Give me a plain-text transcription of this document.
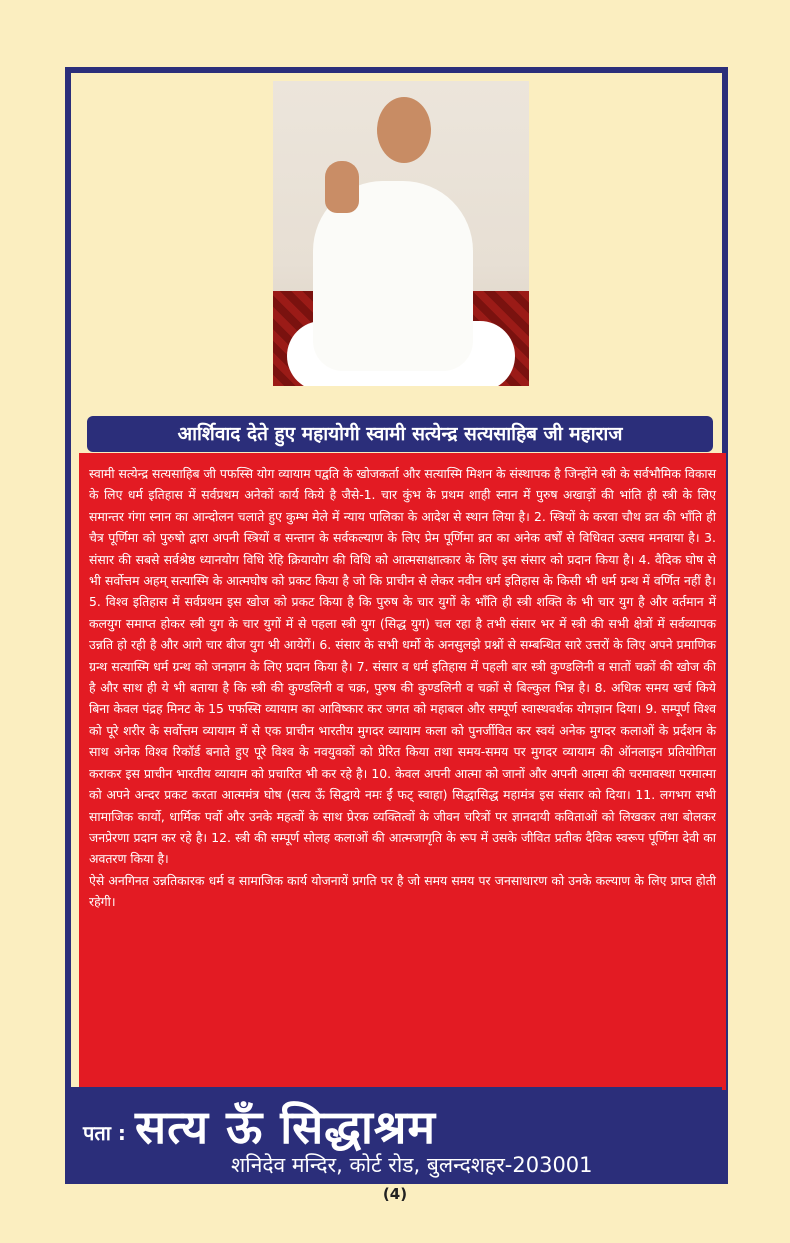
आर्शिवाद देते हुए महायोगी स्वामी सत्येन्द्र सत्यसाहिब जी महाराज

स्वामी सत्येन्द्र सत्यसाहिब जी पफस्सि योग व्यायाम पद्वति के खोजकर्ता और सत्यास्मि मिशन के संस्थापक है जिन्होंने स्त्री के सर्वभौमिक विकास के लिए धर्म इतिहास में सर्वप्रथम अनेकों कार्य किये है जैसे-1. चार कुंभ के प्रथम शाही स्नान में पुरुष अखाड़ों की भांति ही स्त्री के लिए समान्तर गंगा स्नान का आन्दोलन चलाते हुए कुम्भ मेले में न्याय पालिका के आदेश से स्थान लिया है। 2. स्त्रियों के करवा चौथ व्रत की भाँति ही चैत्र पूर्णिमा को पुरुषो द्वारा अपनी स्त्रियों व सन्तान के सर्वकल्याण के लिए प्रेम पूर्णिमा व्रत का अनेक वर्षों से विधिवत उत्सव मनवाया है। 3. संसार की सबसे सर्वश्रेष्ठ ध्यानयोग विधि रेहि क्रियायोग की विधि को आत्मसाक्षात्कार के लिए इस संसार को प्रदान किया है। 4. वैदिक घोष से भी सर्वोत्तम अहम् सत्यास्मि के आत्मघोष को प्रकट किया है जो कि प्राचीन से लेकर नवीन धर्म इतिहास के किसी भी धर्म ग्रन्थ में वर्णित नहीं है। 5. विश्व इतिहास में सर्वप्रथम इस खोज को प्रकट किया है कि पुरुष के चार युगों के भाँति ही स्त्री शक्ति के भी चार युग है और वर्तमान में कलयुग समाप्त होकर स्त्री युग के चार युगों में से पहला स्त्री युग (सिद्ध युग) चल रहा है तभी संसार भर में स्त्री की सभी क्षेत्रों में सर्वव्यापक उन्नति हो रही है और आगे चार बीज युग भी आयेगें। 6. संसार के सभी धर्मो के अनसुलझे प्रश्नों से सम्बन्धित सारे उत्तरों के लिए अपने प्रमाणिक ग्रन्थ सत्यास्मि धर्म ग्रन्थ को जनज्ञान के लिए प्रदान किया है। 7. संसार व धर्म इतिहास में पहली बार स्त्री कुण्डलिनी व सातों चक्रों की खोज की है और साथ ही ये भी बताया है कि स्त्री की कुण्डलिनी व चक्र, पुरुष की कुण्डलिनी व चक्रों से बिल्कुल भिन्न है। 8. अधिक समय खर्च किये बिना केवल पंद्रह मिनट के 15 पफस्सि व्यायाम का आविष्कार कर जगत को महाबल और सम्पूर्ण स्वास्थवर्धक योगज्ञान दिया। 9. सम्पूर्ण विश्व को पूरे शरीर के सर्वोत्तम व्यायाम में से एक प्राचीन भारतीय मुगदर व्यायाम कला को पुनर्जीवित कर स्वयं अनेक मुगदर कलाओं के प्रर्दशन के साथ अनेक विश्व रिकॉर्ड बनाते हुए पूरे विश्व के नवयुवकों को प्रेरित किया तथा समय-समय पर मुगदर व्यायाम की ऑनलाइन प्रतियोगिता कराकर इस प्राचीन भारतीय व्यायाम को प्रचारित भी कर रहे है। 10. केवल अपनी आत्मा को जानों और अपनी आत्मा की चरमावस्था परमात्मा को अपने अन्दर प्रकट करता आत्ममंत्र घोष (सत्य ऊँ सिद्घाये नमः ईं फट् स्वाहा) सिद्धासिद्ध महामंत्र इस संसार को दिया। 11. लगभग सभी सामाजिक कार्यो, धार्मिक पर्वो और उनके महत्वों के साथ प्रेरक व्यक्तित्वों के जीवन चरित्रों पर ज्ञानदायी कविताओं को लिखकर तथा बोलकर जनप्रेरणा प्रदान कर रहे है। 12. स्त्री की सम्पूर्ण सोलह कलाओं की आत्मजागृति के रूप में उसके जीवित प्रतीक दैविक स्वरूप पूर्णिमा देवी का अवतरण किया है।

ऐसे अनगिनत उन्नतिकारक धर्म व सामाजिक कार्य योजनायें प्रगति पर है जो समय समय पर जनसाधारण को उनके कल्याण के लिए प्राप्त होती रहेगी।

पता : सत्य ऊँ सिद्धाश्रम
शनिदेव मन्दिर, कोर्ट रोड, बुलन्दशहर-203001
(4)
